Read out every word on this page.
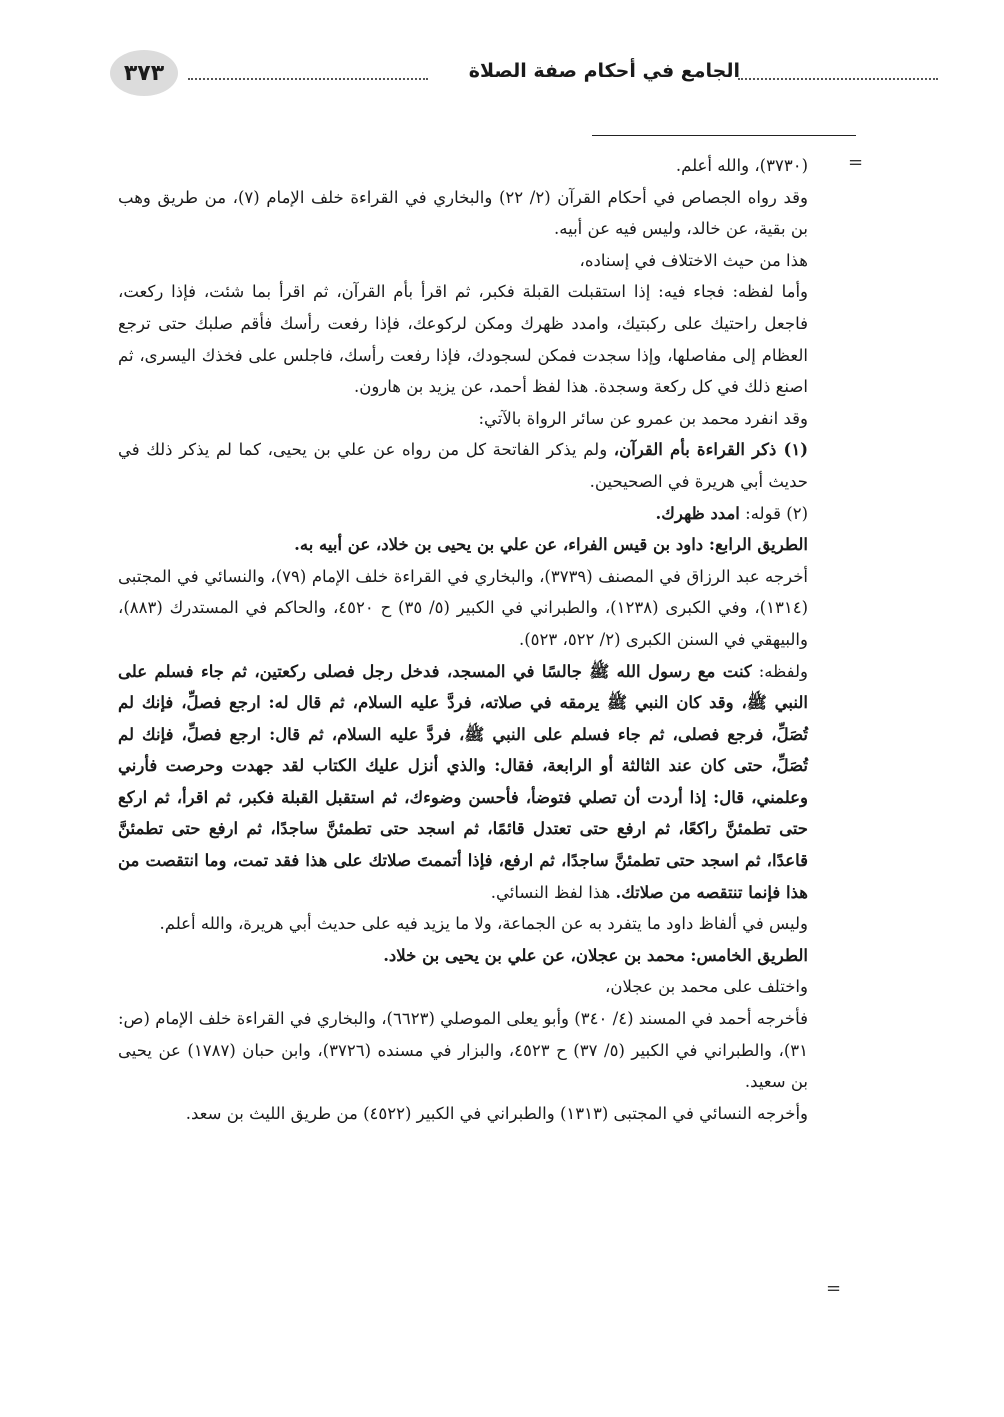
٣٧٣	الجامع في أحكام صفة الصلاة
=

(٣٧٣٠)، والله أعلم.

وقد رواه الجصاص في أحكام القرآن (٢/ ٢٢) والبخاري في القراءة خلف الإمام (٧)، من طريق وهب بن بقية، عن خالد، وليس فيه عن أبيه.

هذا من حيث الاختلاف في إسناده،

وأما لفظه: فجاء فيه: إذا استقبلت القبلة فكبر، ثم اقرأ بأم القرآن، ثم اقرأ بما شئت، فإذا ركعت، فاجعل راحتيك على ركبتيك، وامدد ظهرك ومكن لركوعك، فإذا رفعت رأسك فأقم صلبك حتى ترجع العظام إلى مفاصلها، وإذا سجدت فمكن لسجودك، فإذا رفعت رأسك، فاجلس على فخذك اليسرى، ثم اصنع ذلك في كل ركعة وسجدة. هذا لفظ أحمد، عن يزيد بن هارون.

وقد انفرد محمد بن عمرو عن سائر الرواة بالآتي:

(١) ذكر القراءة بأم القرآن، ولم يذكر الفاتحة كل من رواه عن علي بن يحيى، كما لم يذكر ذلك في حديث أبي هريرة في الصحيحين.

(٢) قوله: امدد ظهرك.

الطريق الرابع: داود بن قيس الفراء، عن علي بن يحيى بن خلاد، عن أبيه به.

أخرجه عبد الرزاق في المصنف (٣٧٣٩)، والبخاري في القراءة خلف الإمام (٧٩)، والنسائي في المجتبى (١٣١٤)، وفي الكبرى (١٢٣٨)، والطبراني في الكبير (٥/ ٣٥) ح ٤٥٢٠، والحاكم في المستدرك (٨٨٣)، والبيهقي في السنن الكبرى (٢/ ٥٢٢، ٥٢٣).

ولفظه: كنت مع رسول الله ﷺ جالسًا في المسجد، فدخل رجل فصلى ركعتين، ثم جاء فسلم على النبي ﷺ، وقد كان النبي ﷺ يرمقه في صلاته، فردَّ عليه السلام، ثم قال له: ارجع فصلِّ، فإنك لم تُصَلِّ، فرجع فصلى، ثم جاء فسلم على النبي ﷺ، فردَّ عليه السلام، ثم قال: ارجع فصلِّ، فإنك لم تُصَلِّ، حتى كان عند الثالثة أو الرابعة، فقال: والذي أنزل عليك الكتاب لقد جهدت وحرصت فأرني وعلمني، قال: إذا أردت أن تصلي فتوضأ، فأحسن وضوءك، ثم استقبل القبلة فكبر، ثم اقرأ، ثم اركع حتى تطمئنَّ راكعًا، ثم ارفع حتى تعتدل قائمًا، ثم اسجد حتى تطمئنَّ ساجدًا، ثم ارفع حتى تطمئنَّ قاعدًا، ثم اسجد حتى تطمئنَّ ساجدًا، ثم ارفع، فإذا أتممتَ صلاتك على هذا فقد تمت، وما انتقصت من هذا فإنما تنتقصه من صلاتك. هذا لفظ النسائي.

وليس في ألفاظ داود ما يتفرد به عن الجماعة، ولا ما يزيد فيه على حديث أبي هريرة، والله أعلم.

الطريق الخامس: محمد بن عجلان، عن علي بن يحيى بن خلاد.

واختلف على محمد بن عجلان،

فأخرجه أحمد في المسند (٤/ ٣٤٠) وأبو يعلى الموصلي (٦٦٢٣)، والبخاري في القراءة خلف الإمام (ص: ٣١)، والطبراني في الكبير (٥/ ٣٧) ح ٤٥٢٣، والبزار في مسنده (٣٧٢٦)، وابن حبان (١٧٨٧) عن يحيى بن سعيد.

وأخرجه النسائي في المجتبى (١٣١٣) والطبراني في الكبير (٤٥٢٢) من طريق الليث بن سعد.

=
